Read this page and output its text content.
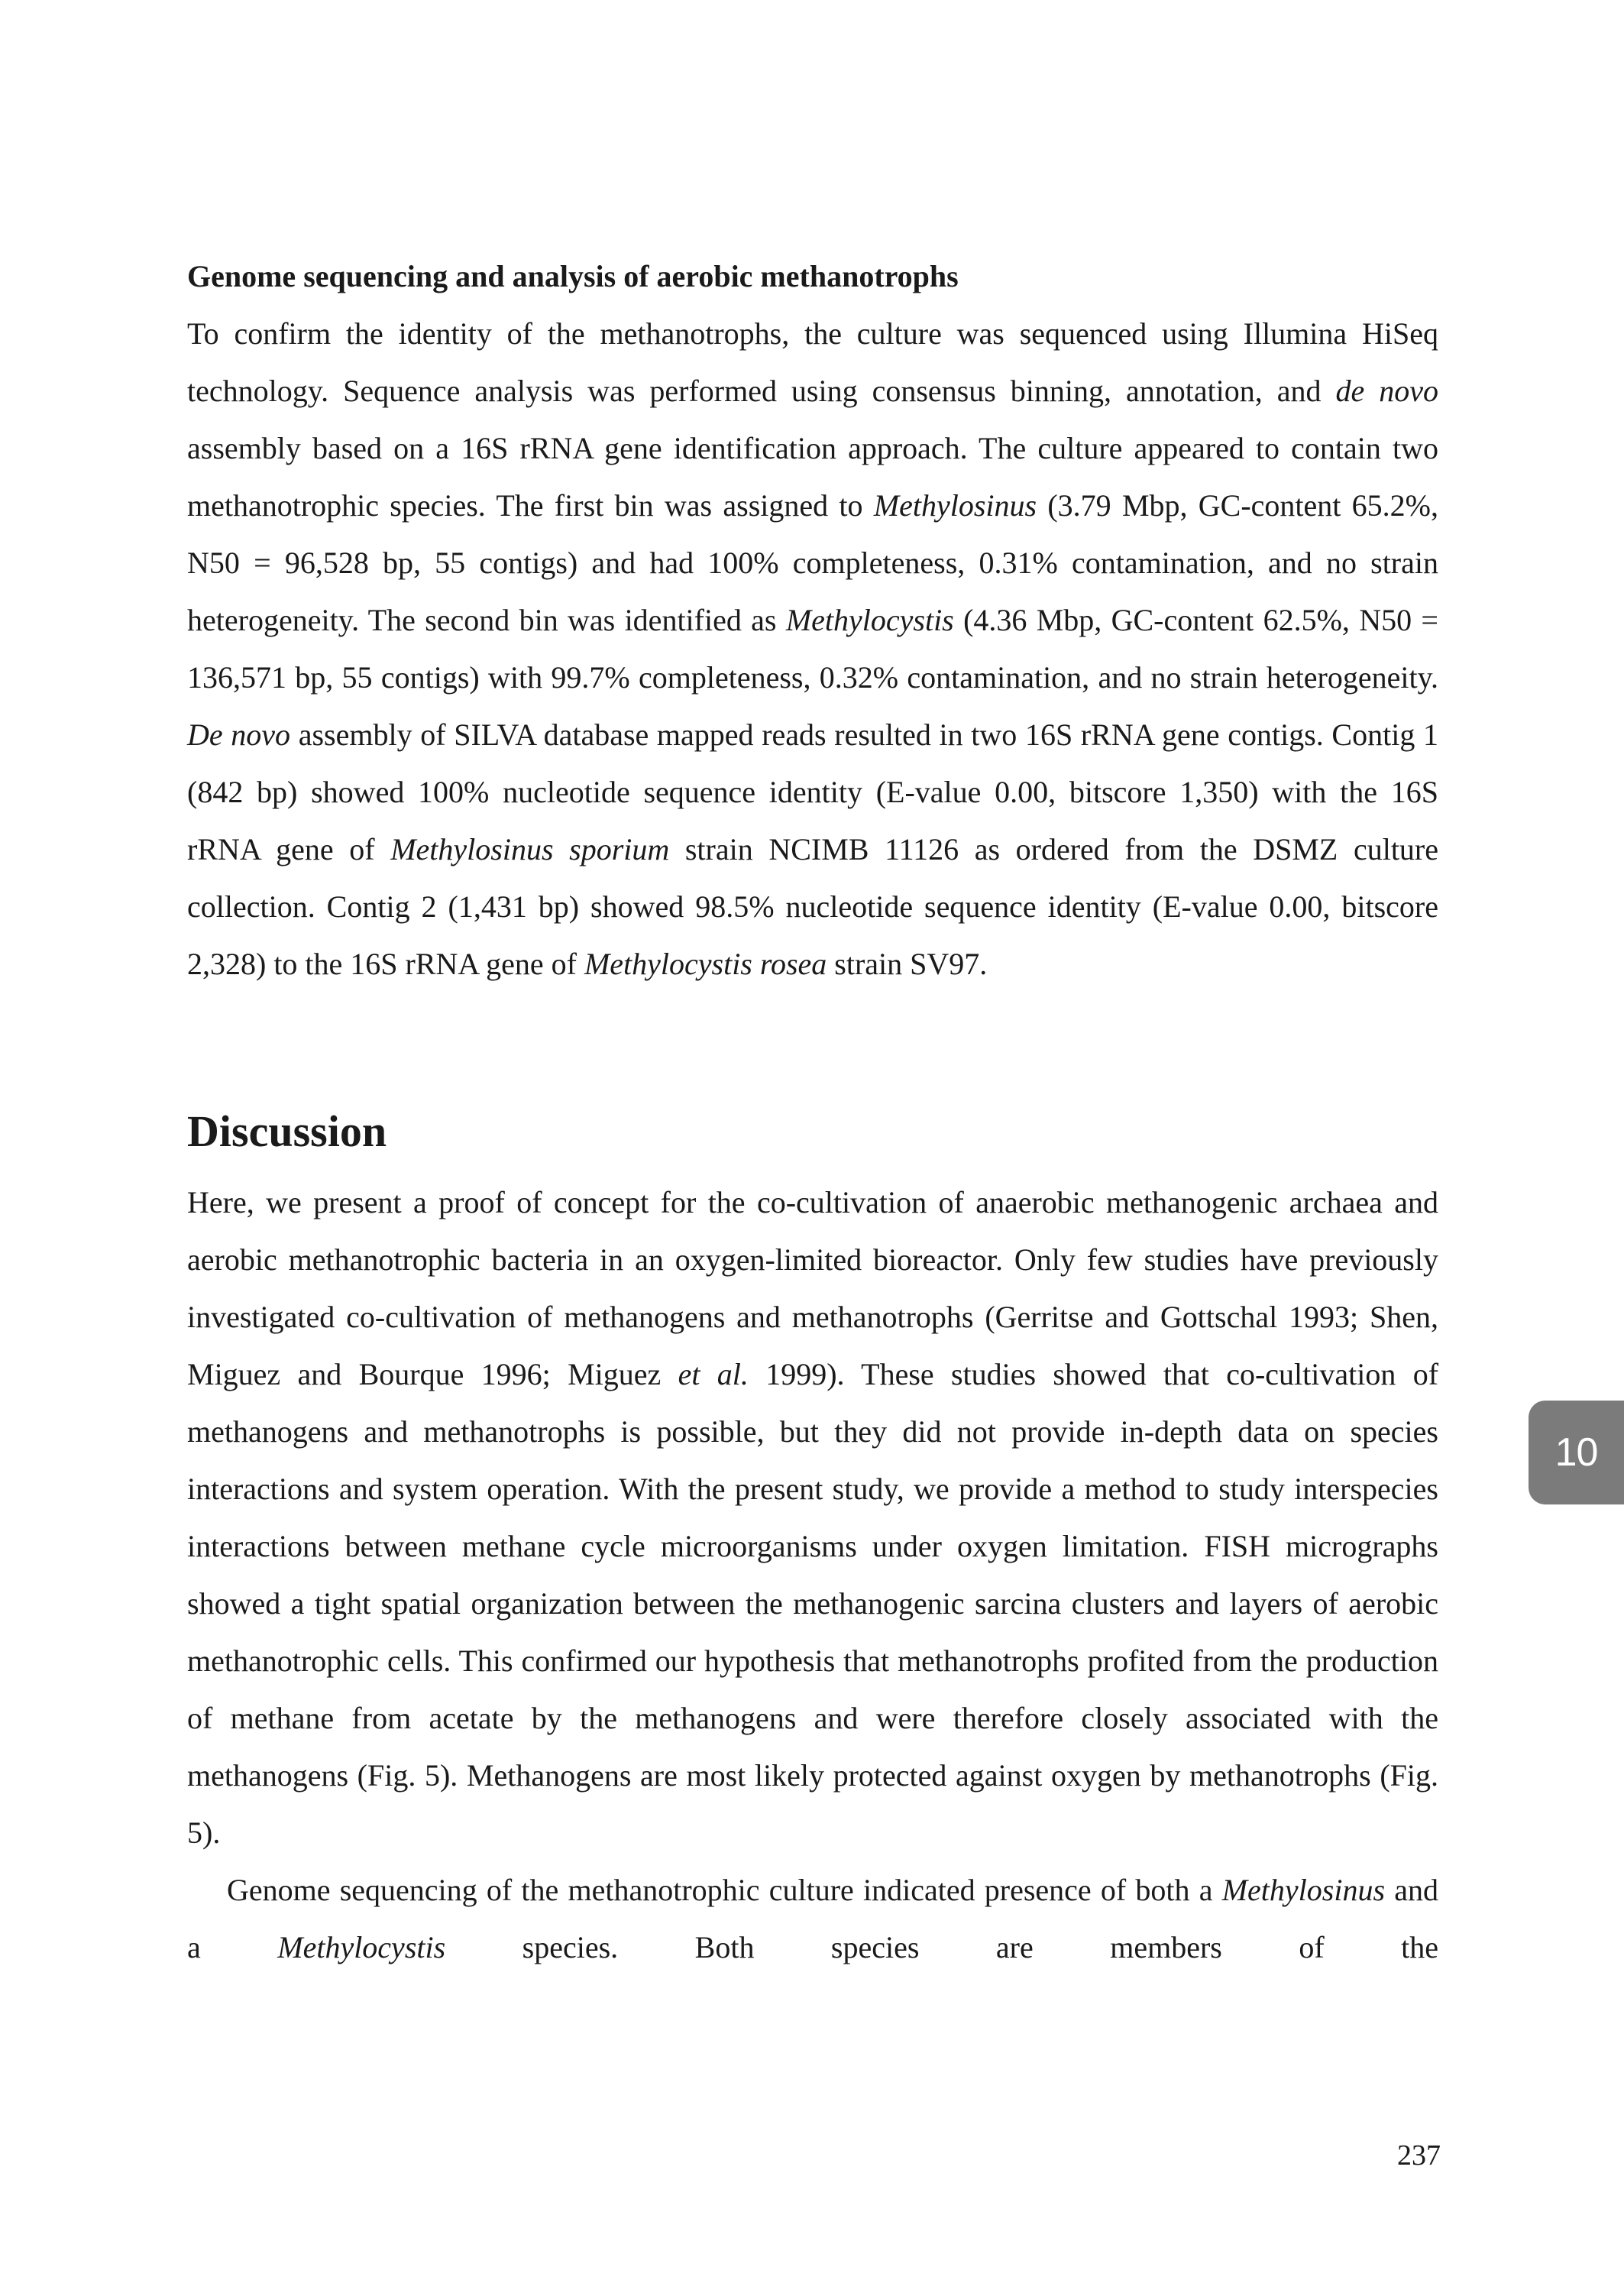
Genome sequencing and analysis of aerobic methanotrophs

To confirm the identity of the methanotrophs, the culture was sequenced using Illumina HiSeq technology. Sequence analysis was performed using consensus binning, annotation, and de novo assembly based on a 16S rRNA gene identification approach. The culture appeared to contain two methanotrophic species. The first bin was assigned to Methylosinus (3.79 Mbp, GC-content 65.2%, N50 = 96,528 bp, 55 contigs) and had 100% completeness, 0.31% contamination, and no strain heterogeneity. The second bin was identified as Methylocystis (4.36 Mbp, GC-content 62.5%, N50 = 136,571 bp, 55 contigs) with 99.7% completeness, 0.32% contamination, and no strain heterogeneity. De novo assembly of SILVA database mapped reads resulted in two 16S rRNA gene contigs. Contig 1 (842 bp) showed 100% nucleotide sequence identity (E-value 0.00, bitscore 1,350) with the 16S rRNA gene of Methylosinus sporium strain NCIMB 11126 as ordered from the DSMZ culture collection. Contig 2 (1,431 bp) showed 98.5% nucleotide sequence identity (E-value 0.00, bitscore 2,328) to the 16S rRNA gene of Methylocystis rosea strain SV97.

Discussion

Here, we present a proof of concept for the co-cultivation of anaerobic methanogenic archaea and aerobic methanotrophic bacteria in an oxygen-limited bioreactor. Only few studies have previously investigated co-cultivation of methanogens and methanotrophs (Gerritse and Gottschal 1993; Shen, Miguez and Bourque 1996; Miguez et al. 1999). These studies showed that co-cultivation of methanogens and methanotrophs is possible, but they did not provide in-depth data on species interactions and system operation. With the present study, we provide a method to study interspecies interactions between methane cycle microorganisms under oxygen limitation. FISH micrographs showed a tight spatial organization between the methanogenic sarcina clusters and layers of aerobic methanotrophic cells. This confirmed our hypothesis that methanotrophs profited from the production of methane from acetate by the methanogens and were therefore closely associated with the methanogens (Fig. 5). Methanogens are most likely protected against oxygen by methanotrophs (Fig. 5).

Genome sequencing of the methanotrophic culture indicated presence of both a Methylosinus and a Methylocystis species. Both species are members of the

10
237
